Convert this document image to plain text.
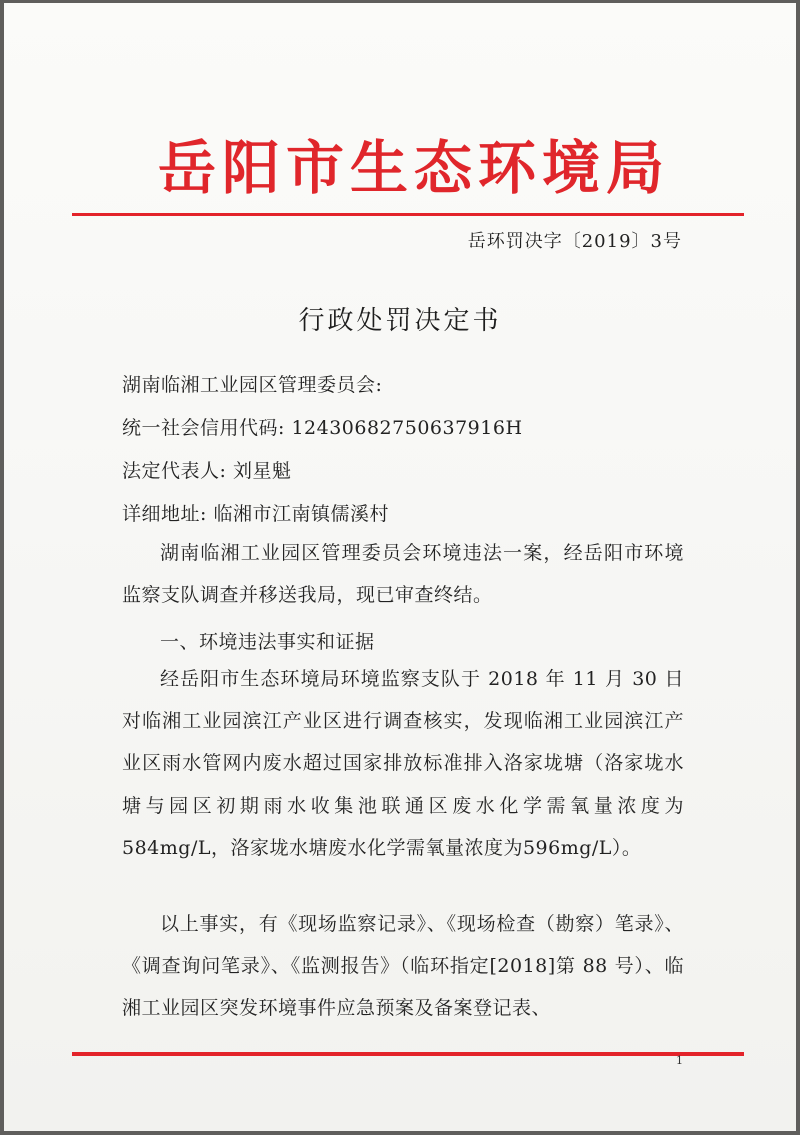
岳阳市生态环境局
岳环罚决字〔2019〕3号
行政处罚决定书
湖南临湘工业园区管理委员会:
统一社会信用代码: 12430682750637916H
法定代表人: 刘星魁
详细地址: 临湘市江南镇儒溪村
湖南临湘工业园区管理委员会环境违法一案，经岳阳市环境监察支队调查并移送我局，现已审查终结。
一、环境违法事实和证据
经岳阳市生态环境局环境监察支队于 2018 年 11 月 30 日对临湘工业园滨江产业区进行调查核实，发现临湘工业园滨江产业区雨水管网内废水超过国家排放标准排入洛家垅塘（洛家垅水塘与园区初期雨水收集池联通区废水化学需氧量浓度为 584mg/L，洛家垅水塘废水化学需氧量浓度为596mg/L）。
以上事实，有《现场监察记录》、《现场检查（勘察）笔录》、《调查询问笔录》、《监测报告》（临环指定[2018]第 88 号）、临湘工业园区突发环境事件应急预案及备案登记表、
1
